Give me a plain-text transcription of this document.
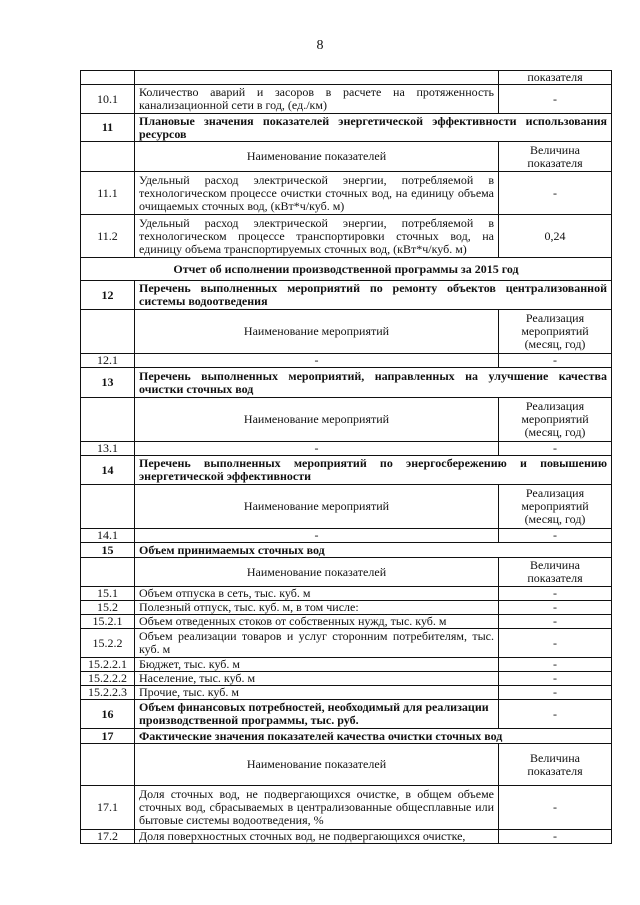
8
		показателя
10.1	Количество аварий и засоров в расчете на протяженность канализационной сети в год, (ед./км)	-
11	Плановые значения показателей энергетической эффективности использования ресурсов	
	Наименование показателей	Величина показателя
11.1	Удельный расход электрической энергии, потребляемой в технологическом процессе очистки сточных вод, на единицу объема очищаемых сточных вод, (кВт*ч/куб. м)	-
11.2	Удельный расход электрической энергии, потребляемой в технологическом процессе транспортировки сточных вод, на единицу объема транспортируемых сточных вод, (кВт*ч/куб. м)	0,24
Отчет об исполнении производственной программы за 2015 год		
12	Перечень выполненных мероприятий по ремонту объектов централизованной системы водоотведения	
	Наименование мероприятий	Реализация мероприятий (месяц, год)
12.1	-	-
13	Перечень выполненных мероприятий, направленных на улучшение качества очистки сточных вод	
	Наименование мероприятий	Реализация мероприятий (месяц, год)
13.1	-	-
14	Перечень выполненных мероприятий по энергосбережению и повышению энергетической эффективности	
	Наименование мероприятий	Реализация мероприятий (месяц, год)
14.1	-	-
15	Объем принимаемых сточных вод	
	Наименование показателей	Величина показателя
15.1	Объем отпуска в сеть, тыс. куб. м	-
15.2	Полезный отпуск, тыс. куб. м, в том числе:	-
15.2.1	Объем отведенных стоков от собственных нужд, тыс. куб. м	-
15.2.2	Объем реализации товаров и услуг сторонним потребителям, тыс. куб. м	-
15.2.2.1	Бюджет, тыс. куб. м	-
15.2.2.2	Население, тыс. куб. м	-
15.2.2.3	Прочие, тыс. куб. м	-
16	Объем финансовых потребностей, необходимый для реализации производственной программы, тыс. руб.	-
17	Фактические значения показателей качества очистки сточных вод	
	Наименование показателей	Величина показателя
17.1	Доля сточных вод, не подвергающихся очистке, в общем объеме сточных вод, сбрасываемых в централизованные общесплавные или бытовые системы водоотведения, %	-
17.2	Доля поверхностных сточных вод, не подвергающихся очистке,	-
